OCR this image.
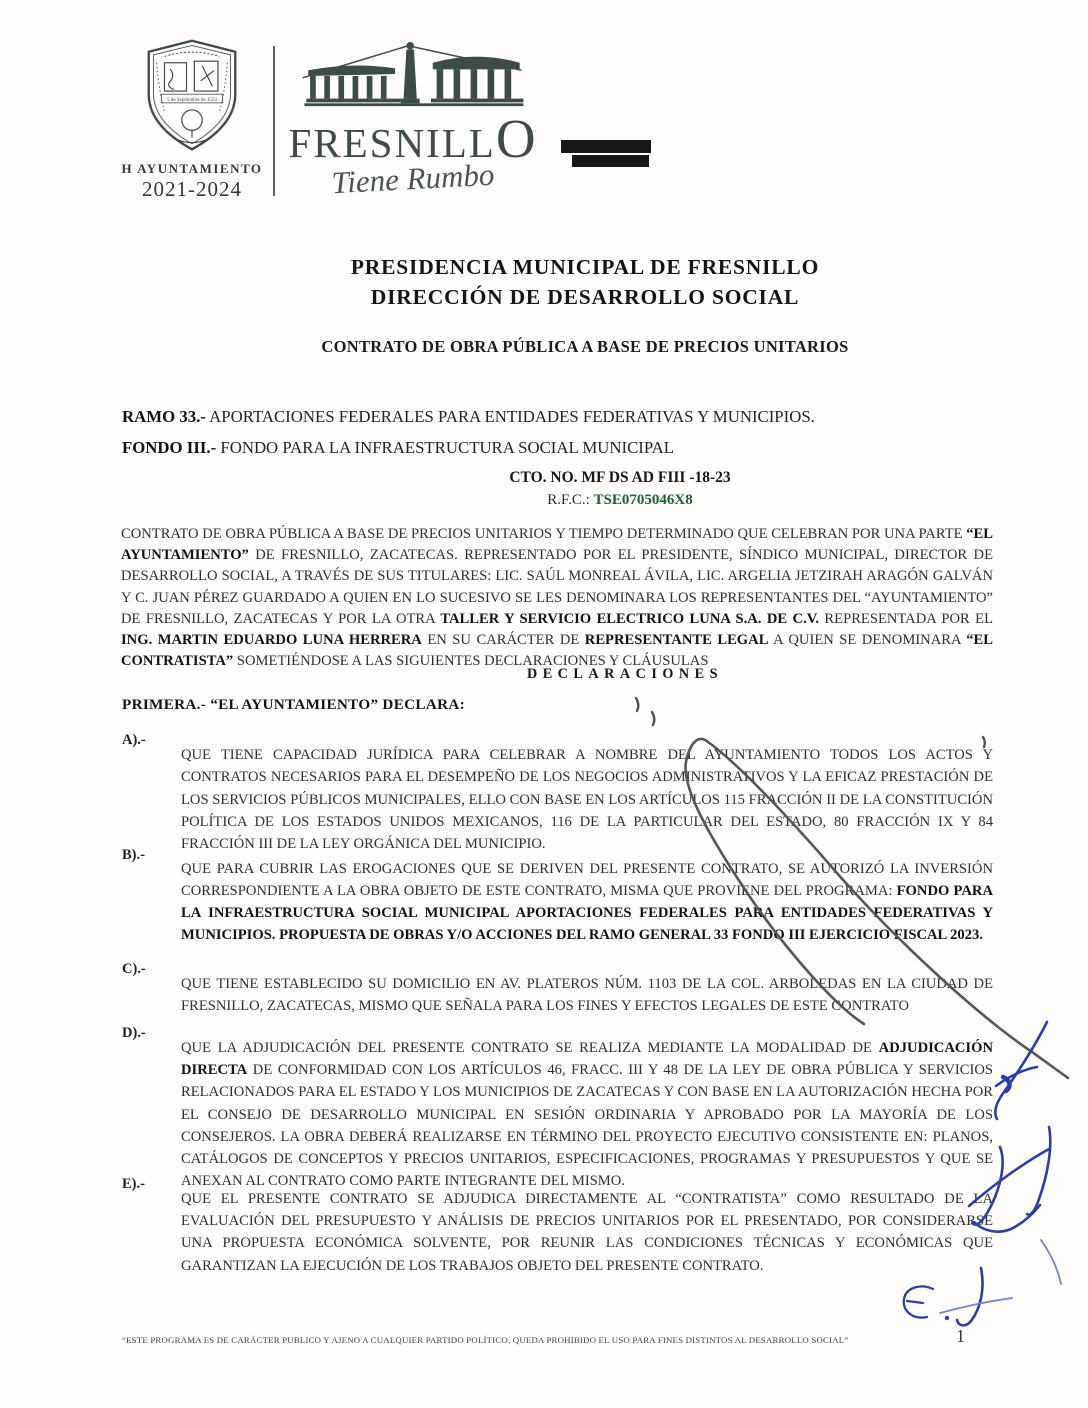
5 de Septiembre de 1554
H AYUNTAMIENTO
2021-2024
FRESNILLO
Tiene Rumbo
PRESIDENCIA MUNICIPAL DE FRESNILLO
DIRECCIÓN DE DESARROLLO SOCIAL
CONTRATO DE OBRA PÚBLICA A BASE DE PRECIOS UNITARIOS
RAMO 33.- APORTACIONES FEDERALES PARA ENTIDADES FEDERATIVAS Y MUNICIPIOS.
FONDO III.- FONDO PARA LA INFRAESTRUCTURA SOCIAL MUNICIPAL
CTO. NO. MF DS AD FIII -18-23
R.F.C.: TSE0705046X8
CONTRATO DE OBRA PÚBLICA A BASE DE PRECIOS UNITARIOS Y TIEMPO DETERMINADO QUE CELEBRAN POR UNA PARTE “EL AYUNTAMIENTO” DE FRESNILLO, ZACATECAS. REPRESENTADO POR EL PRESIDENTE, SÍNDICO MUNICIPAL, DIRECTOR DE DESARROLLO SOCIAL, A TRAVÉS DE SUS TITULARES: LIC. SAÚL MONREAL ÁVILA, LIC. ARGELIA JETZIRAH ARAGÓN GALVÁN Y C. JUAN PÉREZ GUARDADO A QUIEN EN LO SUCESIVO SE LES DENOMINARA LOS REPRESENTANTES DEL “AYUNTAMIENTO” DE FRESNILLO, ZACATECAS Y POR LA OTRA TALLER Y SERVICIO ELECTRICO LUNA S.A. DE C.V. REPRESENTADA POR EL ING. MARTIN EDUARDO LUNA HERRERA EN SU CARÁCTER DE REPRESENTANTE LEGAL A QUIEN SE DENOMINARA “EL CONTRATISTA” SOMETIÉNDOSE A LAS SIGUIENTES DECLARACIONES Y CLÁUSULAS
DECLARACIONES
PRIMERA.- “EL AYUNTAMIENTO” DECLARA:
A).-
QUE TIENE CAPACIDAD JURÍDICA PARA CELEBRAR A NOMBRE DEL AYUNTAMIENTO TODOS LOS ACTOS Y CONTRATOS NECESARIOS PARA EL DESEMPEÑO DE LOS NEGOCIOS ADMINISTRATIVOS Y LA EFICAZ PRESTACIÓN DE LOS SERVICIOS PÚBLICOS MUNICIPALES, ELLO CON BASE EN LOS ARTÍCULOS 115 FRACCIÓN II DE LA CONSTITUCIÓN POLÍTICA DE LOS ESTADOS UNIDOS MEXICANOS, 116 DE LA PARTICULAR DEL ESTADO, 80 FRACCIÓN IX Y 84 FRACCIÓN III DE LA LEY ORGÁNICA DEL MUNICIPIO.
B).-
QUE PARA CUBRIR LAS EROGACIONES QUE SE DERIVEN DEL PRESENTE CONTRATO, SE AUTORIZÓ LA INVERSIÓN CORRESPONDIENTE A LA OBRA OBJETO DE ESTE CONTRATO, MISMA QUE PROVIENE DEL PROGRAMA: FONDO PARA LA INFRAESTRUCTURA SOCIAL MUNICIPAL APORTACIONES FEDERALES PARA ENTIDADES FEDERATIVAS Y MUNICIPIOS. PROPUESTA DE OBRAS Y/O ACCIONES DEL RAMO GENERAL 33 FONDO III EJERCICIO FISCAL 2023.
C).-
QUE TIENE ESTABLECIDO SU DOMICILIO EN AV. PLATEROS NÚM. 1103 DE LA COL. ARBOLEDAS EN LA CIUDAD DE FRESNILLO, ZACATECAS, MISMO QUE SEÑALA PARA LOS FINES Y EFECTOS LEGALES DE ESTE CONTRATO
D).-
QUE LA ADJUDICACIÓN DEL PRESENTE CONTRATO SE REALIZA MEDIANTE LA MODALIDAD DE ADJUDICACIÓN DIRECTA DE CONFORMIDAD CON LOS ARTÍCULOS 46, FRACC. III Y 48 DE LA LEY DE OBRA PÚBLICA Y SERVICIOS RELACIONADOS PARA EL ESTADO Y LOS MUNICIPIOS DE ZACATECAS Y CON BASE EN LA AUTORIZACIÓN HECHA POR EL CONSEJO DE DESARROLLO MUNICIPAL EN SESIÓN ORDINARIA Y APROBADO POR LA MAYORÍA DE LOS CONSEJEROS. LA OBRA DEBERÁ REALIZARSE EN TÉRMINO DEL PROYECTO EJECUTIVO CONSISTENTE EN: PLANOS, CATÁLOGOS DE CONCEPTOS Y PRECIOS UNITARIOS, ESPECIFICACIONES, PROGRAMAS Y PRESUPUESTOS Y QUE SE ANEXAN AL CONTRATO COMO PARTE INTEGRANTE DEL MISMO.
E).-
QUE EL PRESENTE CONTRATO SE ADJUDICA DIRECTAMENTE AL “CONTRATISTA” COMO RESULTADO DE LA EVALUACIÓN DEL PRESUPUESTO Y ANÁLISIS DE PRECIOS UNITARIOS POR EL PRESENTADO, POR CONSIDERARSE UNA PROPUESTA ECONÓMICA SOLVENTE, POR REUNIR LAS CONDICIONES TÉCNICAS Y ECONÓMICAS QUE GARANTIZAN LA EJECUCIÓN DE LOS TRABAJOS OBJETO DEL PRESENTE CONTRATO.
“ESTE PROGRAMA ES DE CARÁCTER PUBLICO Y AJENO A CUALQUIER PARTIDO POLÍTICO, QUEDA PROHIBIDO EL USO PARA FINES DISTINTOS AL DESARROLLO SOCIAL”	1
